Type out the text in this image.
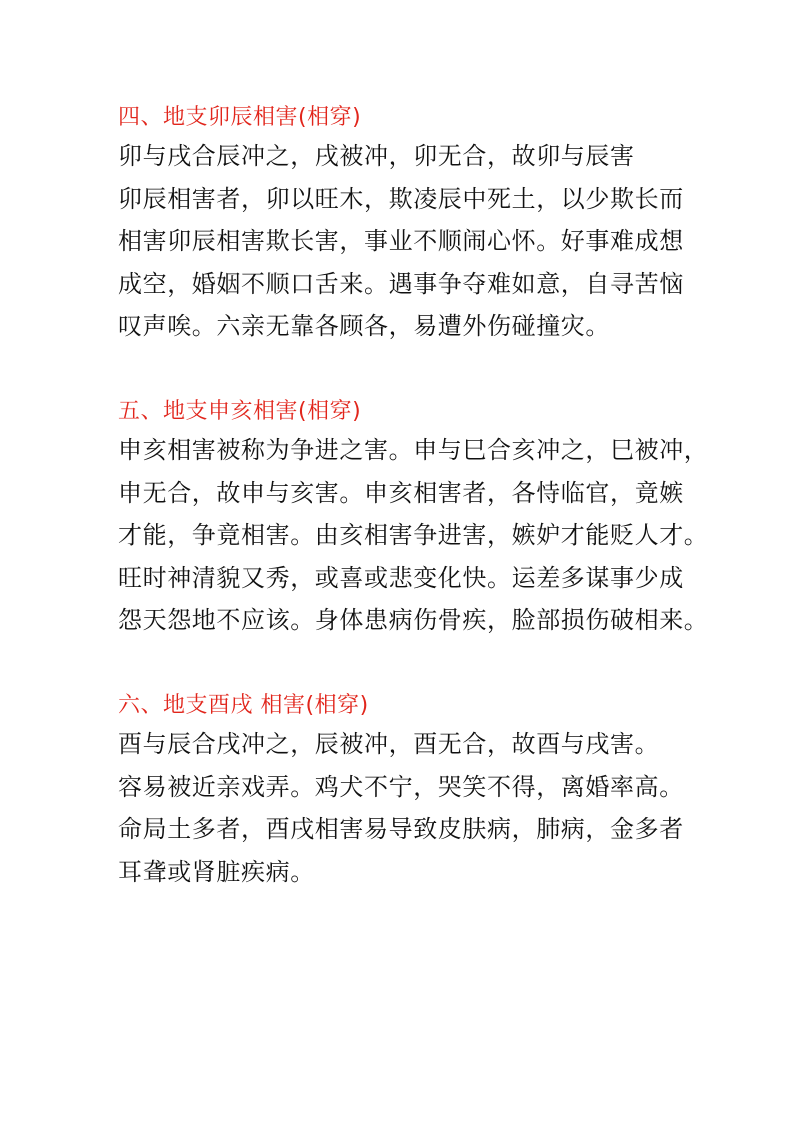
四、地支卯辰相害(相穿)

卯与戌合辰冲之，戌被冲，卯无合，故卯与辰害

卯辰相害者，卯以旺木，欺凌辰中死土，以少欺长而

相害卯辰相害欺长害，事业不顺闹心怀。好事难成想

成空，婚姻不顺口舌来。遇事争夺难如意，自寻苦恼

叹声唉。六亲无靠各顾各，易遭外伤碰撞灾。

五、地支申亥相害(相穿)

申亥相害被称为争进之害。申与巳合亥冲之，巳被冲，

申无合，故申与亥害。申亥相害者，各恃临官，竟嫉

才能，争竟相害。由亥相害争进害，嫉妒才能贬人才。

旺时神清貌又秀，或喜或悲变化快。运差多谋事少成

怨天怨地不应该。身体患病伤骨疾，脸部损伤破相来。

六、地支酉戌 相害(相穿)

酉与辰合戌冲之，辰被冲，酉无合，故酉与戌害。

容易被近亲戏弄。鸡犬不宁，哭笑不得，离婚率高。

命局土多者，酉戌相害易导致皮肤病，肺病，金多者

耳聋或肾脏疾病。
